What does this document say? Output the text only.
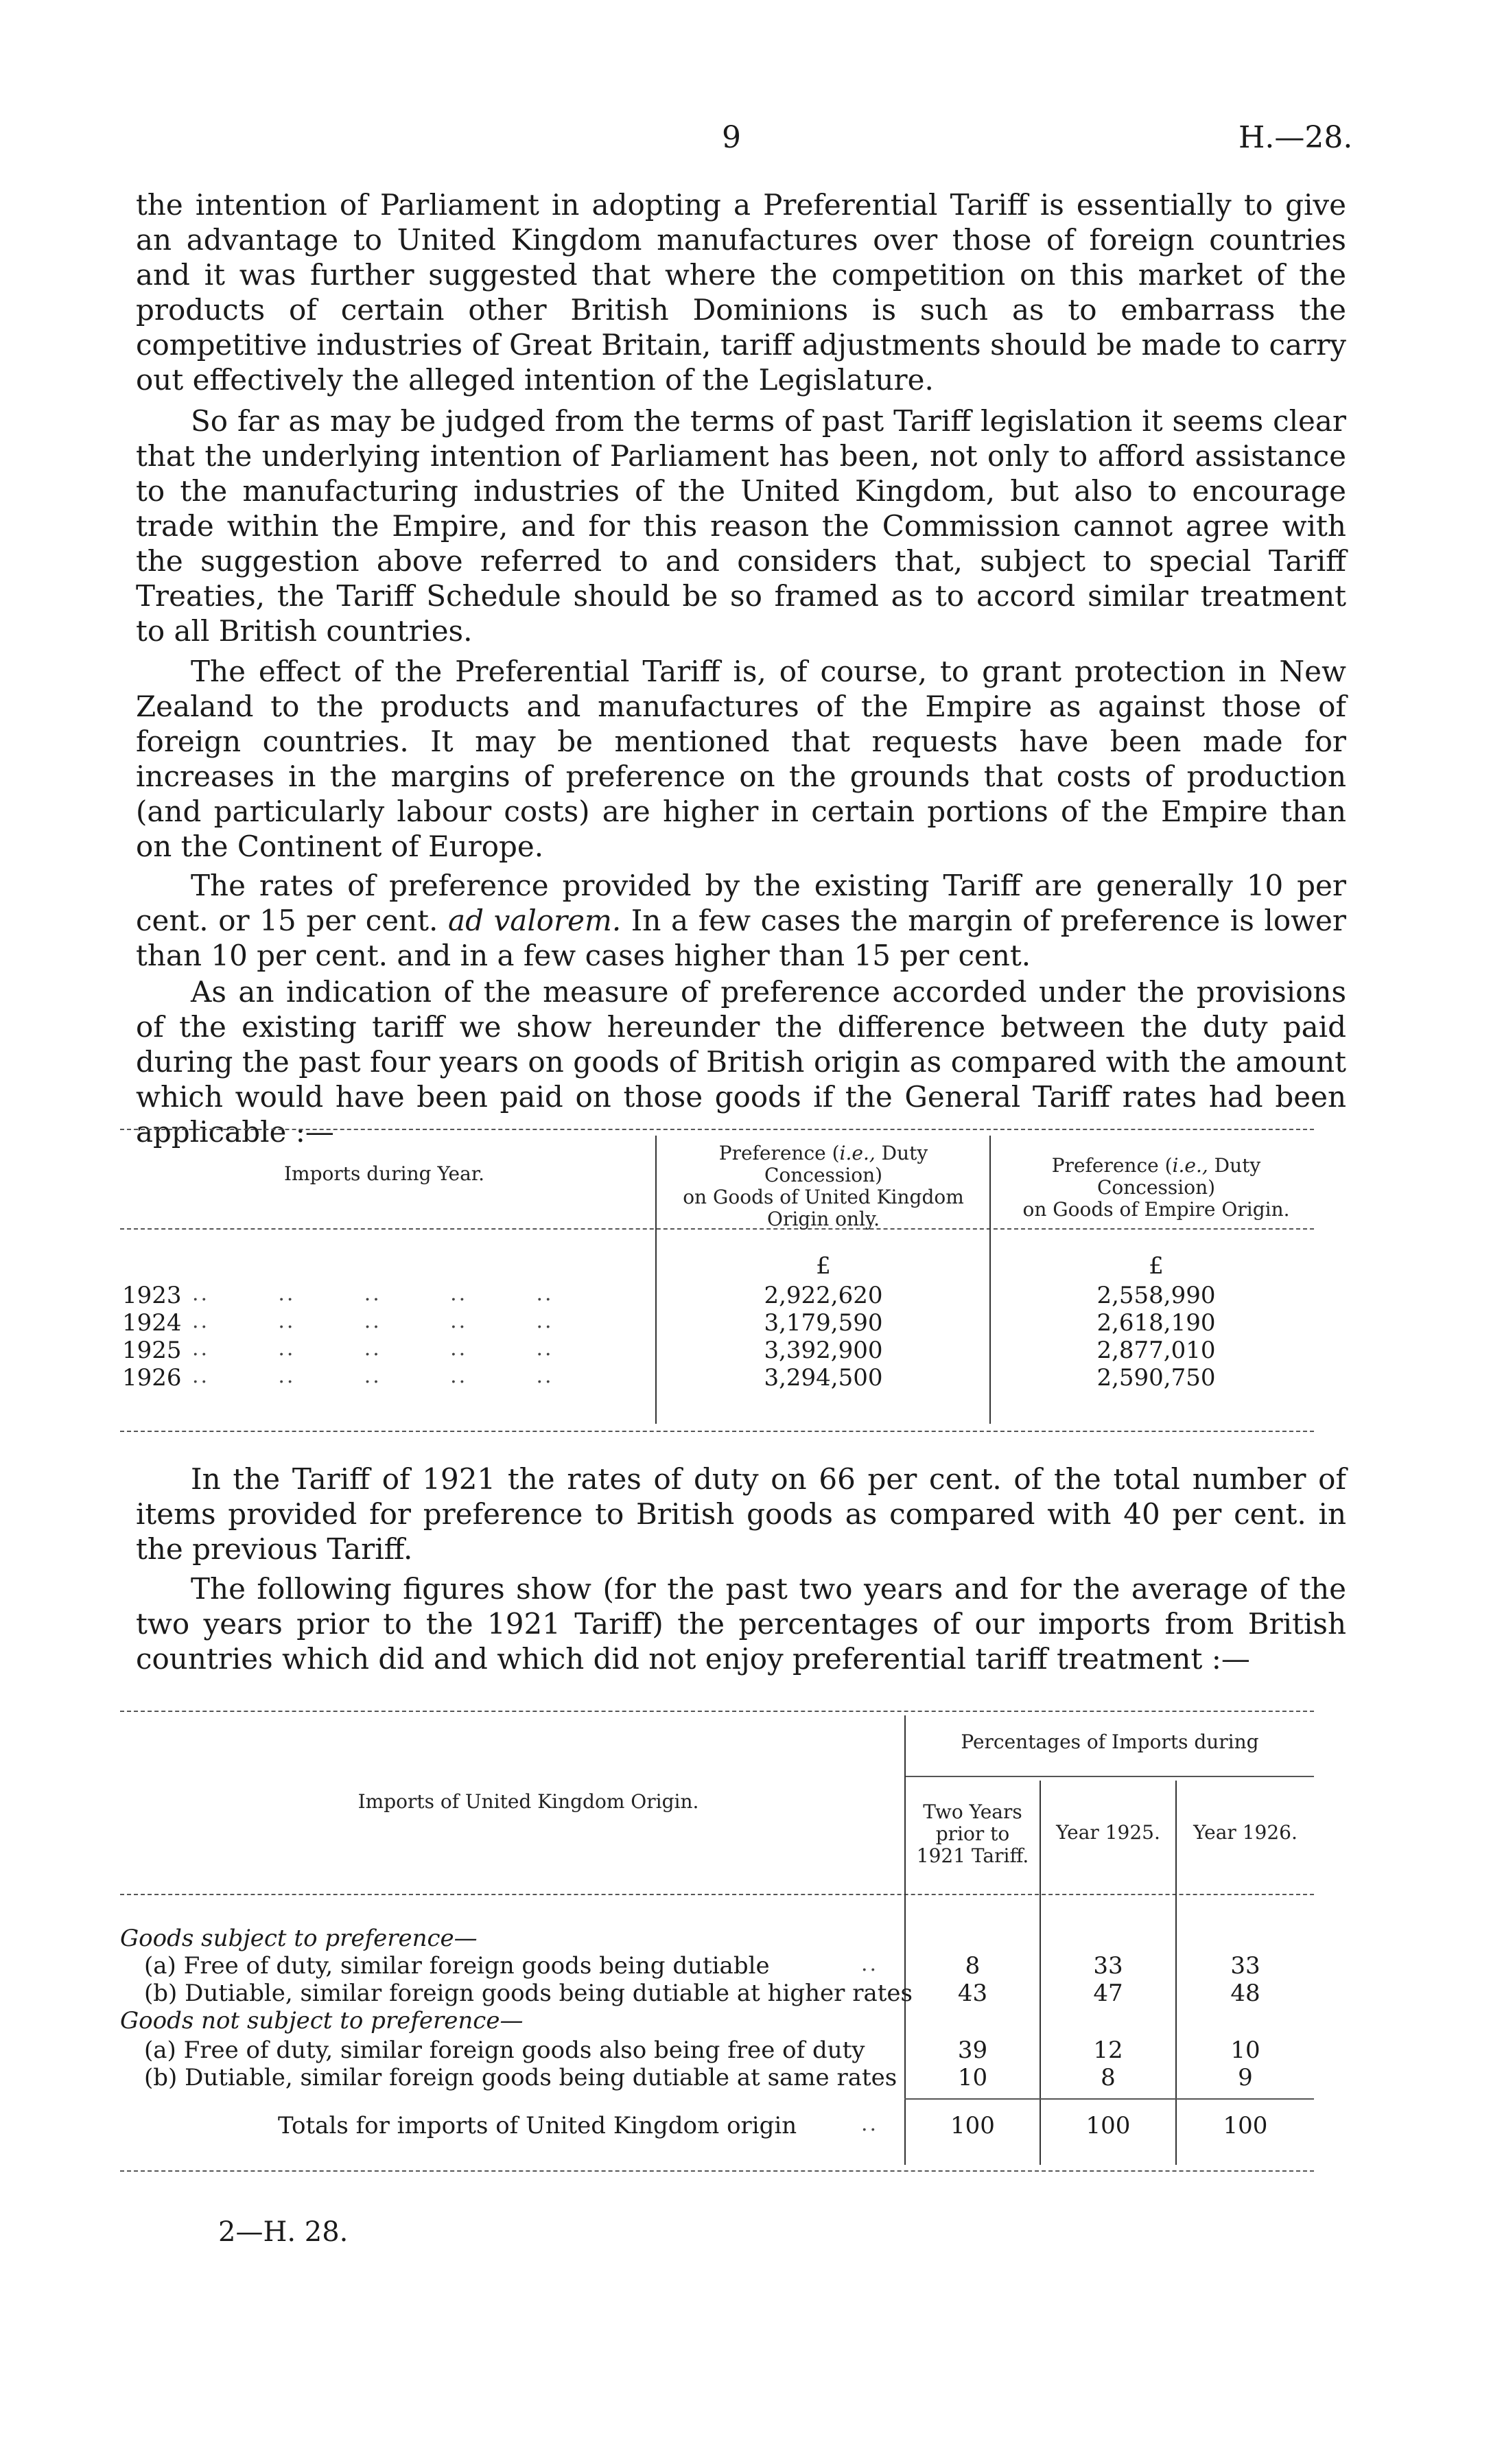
9	H.—28.

the intention of Parliament in adopting a Preferential Tariff is essentially to give an advantage to United Kingdom manufactures over those of foreign countries and it was further suggested that where the competition on this market of the products of certain other British Dominions is such as to embarrass the competitive industries of Great Britain, tariff adjustments should be made to carry out effectively the alleged intention of the Legislature.

So far as may be judged from the terms of past Tariff legislation it seems clear that the underlying intention of Parliament has been, not only to afford assistance to the manufacturing industries of the United Kingdom, but also to encourage trade within the Empire, and for this reason the Commission cannot agree with the suggestion above referred to and considers that, subject to special Tariff Treaties, the Tariff Schedule should be so framed as to accord similar treatment to all British countries.

The effect of the Preferential Tariff is, of course, to grant protection in New Zealand to the products and manufactures of the Empire as against those of foreign countries. It may be mentioned that requests have been made for increases in the margins of preference on the grounds that costs of production (and particularly labour costs) are higher in certain portions of the Empire than on the Continent of Europe.

The rates of preference provided by the existing Tariff are generally 10 per cent. or 15 per cent. ad valorem. In a few cases the margin of preference is lower than 10 per cent. and in a few cases higher than 15 per cent.

As an indication of the measure of preference accorded under the provisions of the existing tariff we show hereunder the difference between the duty paid during the past four years on goods of British origin as compared with the amount which would have been paid on those goods if the General Tariff rates had been applicable :—

Imports during Year.
Preference (i.e., Duty Concession)
on Goods of United Kingdom
Origin only.
Preference (i.e., Duty Concession)
on Goods of Empire Origin.
£	£
1923 ..        ..        ..        ..        ..	2,922,620	2,558,990
1924 ..        ..        ..        ..        ..	3,179,590	2,618,190
1925 ..        ..        ..        ..        ..	3,392,900	2,877,010
1926 ..        ..        ..        ..        ..	3,294,500	2,590,750

In the Tariff of 1921 the rates of duty on 66 per cent. of the total number of items provided for preference to British goods as compared with 40 per cent. in the previous Tariff.

The following figures show (for the past two years and for the average of the two years prior to the 1921 Tariff) the percentages of our imports from British countries which did and which did not enjoy preferential tariff treatment :—

Imports of United Kingdom Origin.
Percentages of Imports during
Two Years
prior to
1921 Tariff.
Year 1925.	Year 1926.
Goods subject to preference—
(a) Free of duty, similar foreign goods being dutiable	..	8	33	33
(b) Dutiable, similar foreign goods being dutiable at higher rates	43	47	48
Goods not subject to preference—
(a) Free of duty, similar foreign goods also being free of duty	39	12	10
(b) Dutiable, similar foreign goods being dutiable at same rates	10	8	9
Totals for imports of United Kingdom origin	..	100	100	100
2—H. 28.
